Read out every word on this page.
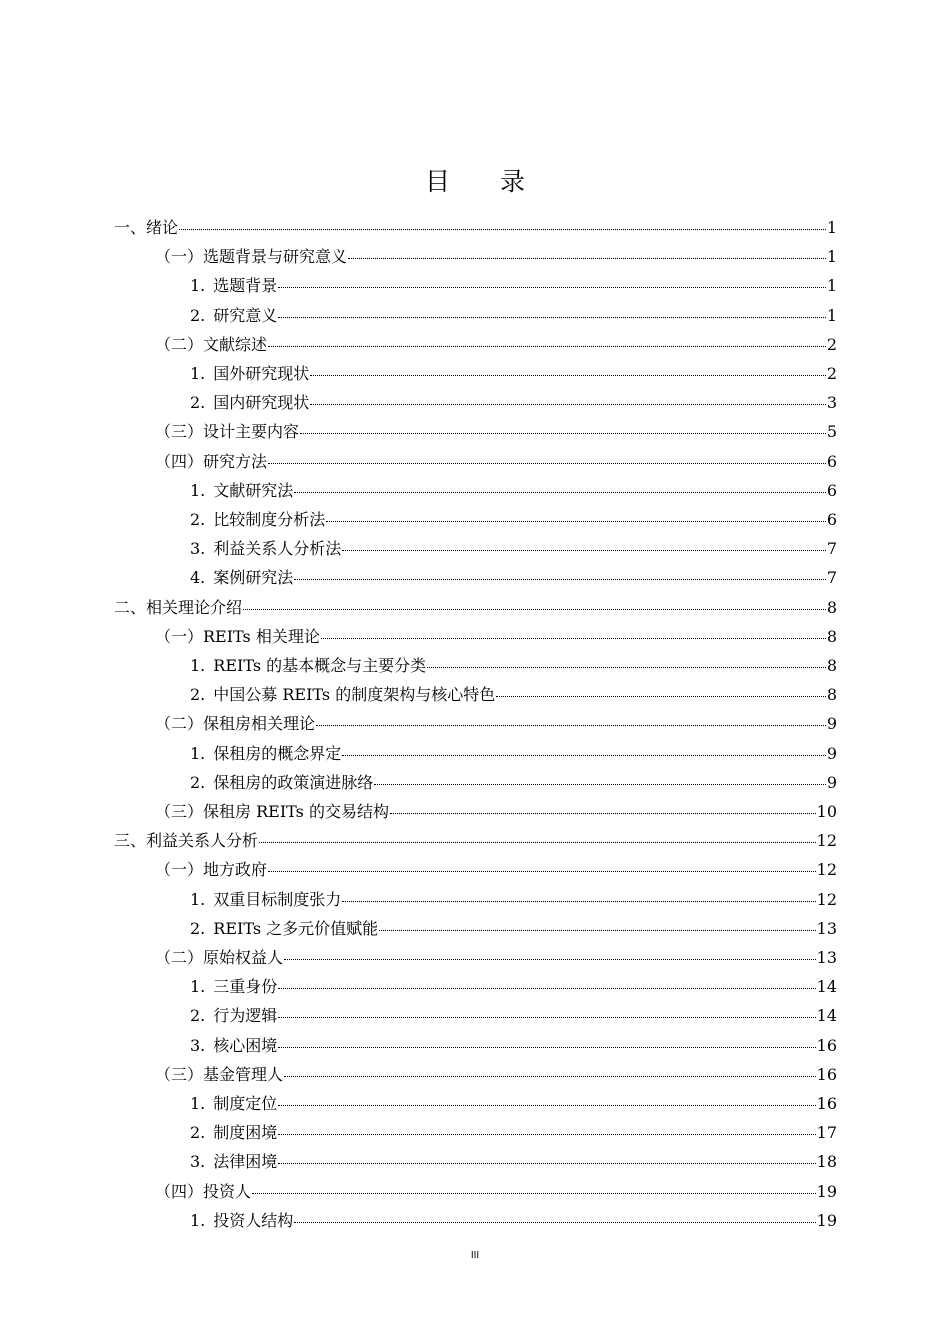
目录
一、绪论	1
（一）选题背景与研究意义	1
1. 选题背景	1
2. 研究意义	1
（二）文献综述	2
1. 国外研究现状	2
2. 国内研究现状	3
（三）设计主要内容	5
（四）研究方法	6
1. 文献研究法	6
2. 比较制度分析法	6
3. 利益关系人分析法	7
4. 案例研究法	7
二、相关理论介绍	8
（一）REITs 相关理论	8
1. REITs 的基本概念与主要分类	8
2. 中国公募 REITs 的制度架构与核心特色	8
（二）保租房相关理论	9
1. 保租房的概念界定	9
2. 保租房的政策演进脉络	9
（三）保租房 REITs 的交易结构	10
三、利益关系人分析	12
（一）地方政府	12
1. 双重目标制度张力	12
2. REITs 之多元价值赋能	13
（二）原始权益人	13
1. 三重身份	14
2. 行为逻辑	14
3. 核心困境	16
（三）基金管理人	16
1. 制度定位	16
2. 制度困境	17
3. 法律困境	18
（四）投资人	19
1. 投资人结构	19
III
